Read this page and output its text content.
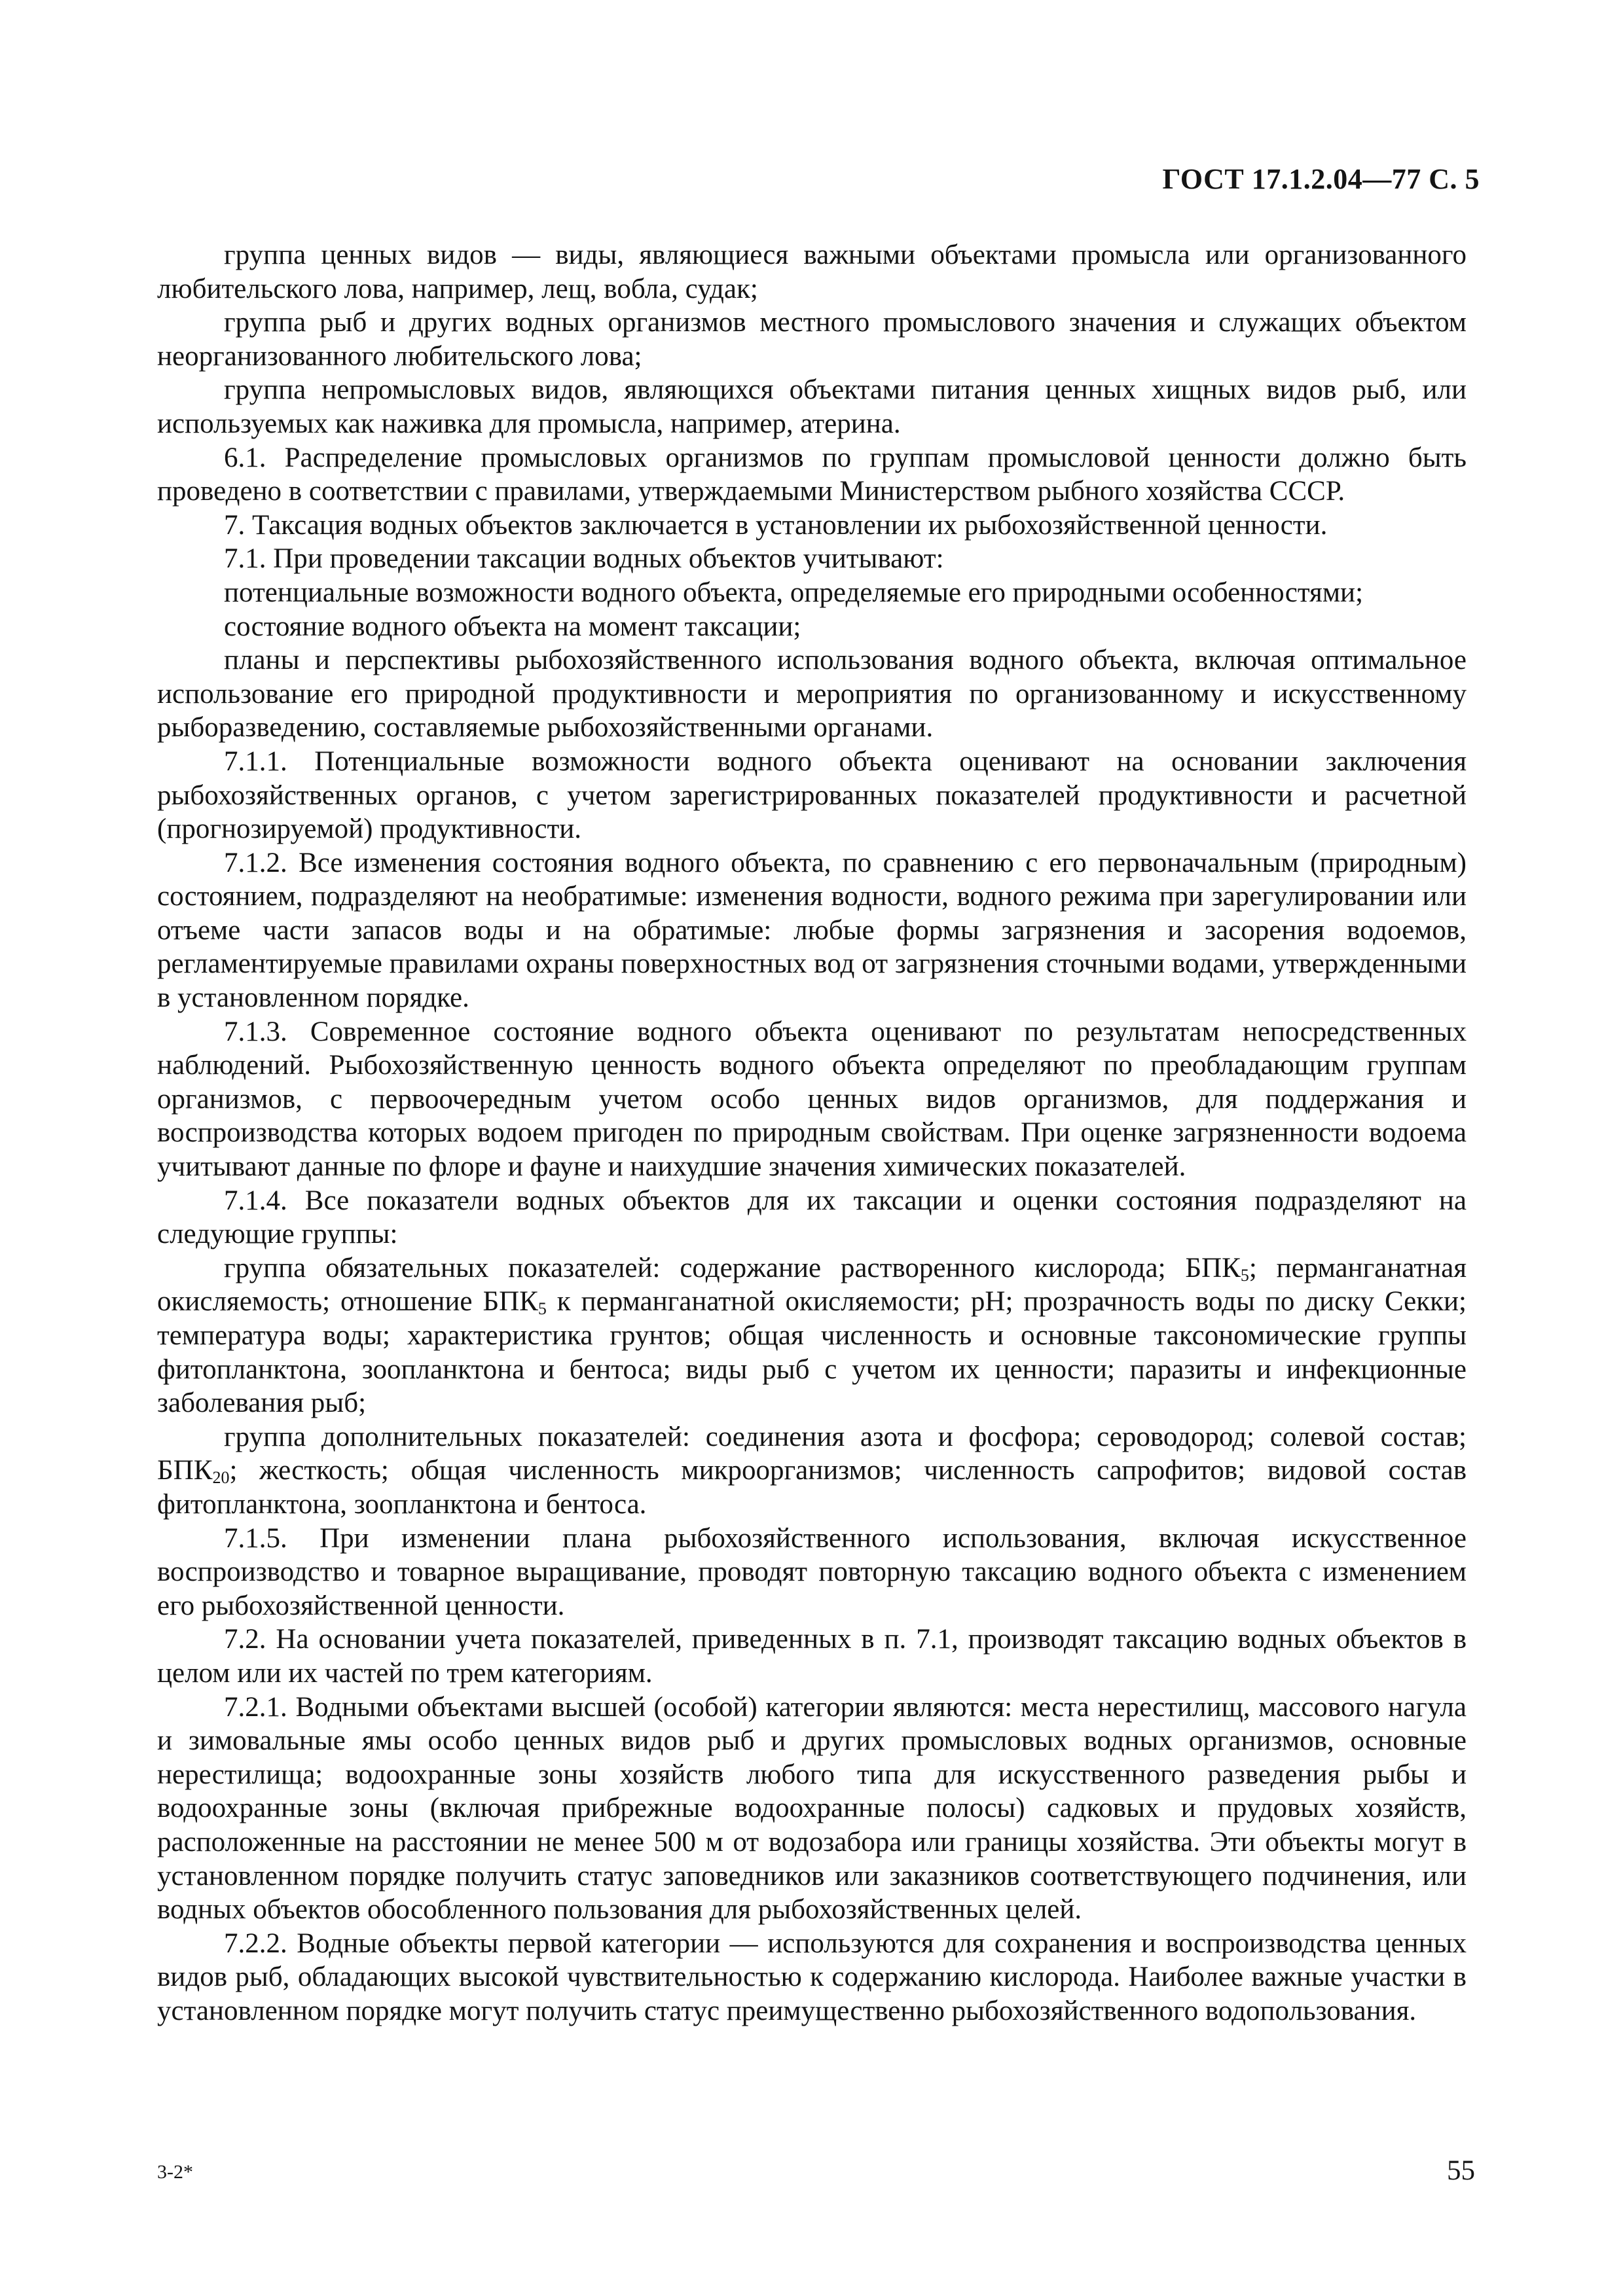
ГОСТ 17.1.2.04—77 С. 5

группа ценных видов — виды, являющиеся важными объектами промысла или организованного любительского лова, например, лещ, вобла, судак;

группа рыб и других водных организмов местного промыслового значения и служащих объектом неорганизованного любительского лова;

группа непромысловых видов, являющихся объектами питания ценных хищных видов рыб, или используемых как наживка для промысла, например, атерина.

6.1. Распределение промысловых организмов по группам промысловой ценности должно быть проведено в соответствии с правилами, утверждаемыми Министерством рыбного хозяйства СССР.

7. Таксация водных объектов заключается в установлении их рыбохозяйственной ценности.

7.1. При проведении таксации водных объектов учитывают:

потенциальные возможности водного объекта, определяемые его природными особенностями;

состояние водного объекта на момент таксации;

планы и перспективы рыбохозяйственного использования водного объекта, включая оптимальное использование его природной продуктивности и мероприятия по организованному и искусственному рыборазведению, составляемые рыбохозяйственными органами.

7.1.1. Потенциальные возможности водного объекта оценивают на основании заключения рыбохозяйственных органов, с учетом зарегистрированных показателей продуктивности и расчетной (прогнозируемой) продуктивности.

7.1.2. Все изменения состояния водного объекта, по сравнению с его первоначальным (природным) состоянием, подразделяют на необратимые: изменения водности, водного режима при зарегулировании или отъеме части запасов воды и на обратимые: любые формы загрязнения и засорения водоемов, регламентируемые правилами охраны поверхностных вод от загрязнения сточными водами, утвержденными в установленном порядке.

7.1.3. Современное состояние водного объекта оценивают по результатам непосредственных наблюдений. Рыбохозяйственную ценность водного объекта определяют по преобладающим группам организмов, с первоочередным учетом особо ценных видов организмов, для поддержания и воспроизводства которых водоем пригоден по природным свойствам. При оценке загрязненности водоема учитывают данные по флоре и фауне и наихудшие значения химических показателей.

7.1.4. Все показатели водных объектов для их таксации и оценки состояния подразделяют на следующие группы:

группа обязательных показателей: содержание растворенного кислорода; $БПК_5$; перманганатная окисляемость; отношение $БПК_5$ к перманганатной окисляемости; pH; прозрачность воды по диску Секки; температура воды; характеристика грунтов; общая численность и основные таксономические группы фитопланктона, зоопланктона и бентоса; виды рыб с учетом их ценности; паразиты и инфекционные заболевания рыб;

группа дополнительных показателей: соединения азота и фосфора; сероводород; солевой состав; $БПК_{20}$; жесткость; общая численность микроорганизмов; численность сапрофитов; видовой состав фитопланктона, зоопланктона и бентоса.

7.1.5. При изменении плана рыбохозяйственного использования, включая искусственное воспроизводство и товарное выращивание, проводят повторную таксацию водного объекта с изменением его рыбохозяйственной ценности.

7.2. На основании учета показателей, приведенных в п. 7.1, производят таксацию водных объектов в целом или их частей по трем категориям.

7.2.1. Водными объектами высшей (особой) категории являются: места нерестилищ, массового нагула и зимовальные ямы особо ценных видов рыб и других промысловых водных организмов, основные нерестилища; водоохранные зоны хозяйств любого типа для искусственного разведения рыбы и водоохранные зоны (включая прибрежные водоохранные полосы) садковых и прудовых хозяйств, расположенные на расстоянии не менее 500 м от водозабора или границы хозяйства. Эти объекты могут в установленном порядке получить статус заповедников или заказников соответствующего подчинения, или водных объектов обособленного пользования для рыбохозяйственных целей.

7.2.2. Водные объекты первой категории — используются для сохранения и воспроизводства ценных видов рыб, обладающих высокой чувствительностью к содержанию кислорода. Наиболее важные участки в установленном порядке могут получить статус преимущественно рыбохозяйственного водопользования.

3-2*	55
